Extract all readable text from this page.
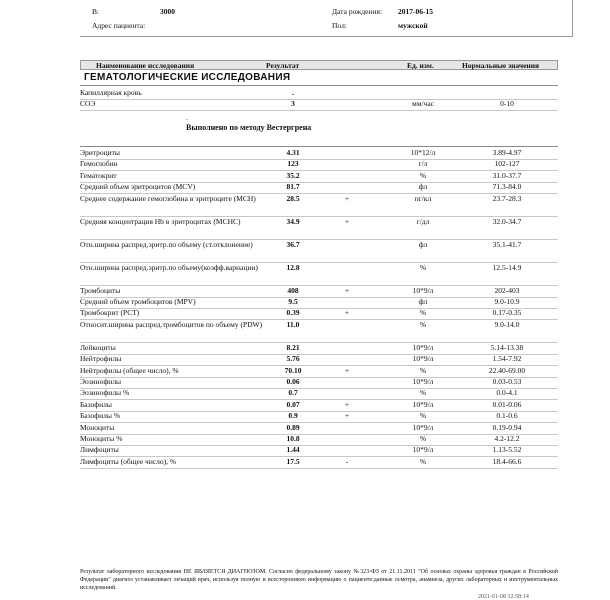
В:	3000	Дата рождения: 2017-06-15
Адрес пациента:	Пол:	мужской
Наименование исследования	Результат	Ед. изм.	Нормальные значения
ГЕМАТОЛОГИЧЕСКИЕ ИССЛЕДОВАНИЯ
Капиллярная кровь	.
СОЭ	3	мм/час	0-10
.
Выполнено по методу Вестергрена
Эритроциты	4.31	10*12/л	3.89-4.97
Гемоглобин	123	г/л	102-127
Гематокрит	35.2	%	31.0-37.7
Средний объем эритроцитов (MCV)	81.7	фл	71.3-84.0
Среднее содержание гемоглобина в эритроците (MCH)	28.5	+	пг/кл	23.7-28.3
Средняя концентрация Hb в эритроцитах (MCHC)	34.9	+	г/дл	32.0-34.7
Отн.ширина распред.эритр.по объему (ст.отклонение)	36.7	фл	35.1-41.7
Отн.ширина распред.эритр.по объему(коэфф.вариации)	12.8	%	12.5-14.9
Тромбоциты	408	+	10*9/л	202-403
Средний объем тромбоцитов (MPV)	9.5	фл	9.0-10.9
Тромбокрит (PCT)	0.39	+	%	0.17-0.35
Относит.ширина распред.тромбоцитов по объему (PDW)	11.0	%	9.0-14.0
Лейкоциты	8.21	10*9/л	5.14-13.38
Нейтрофилы	5.76	10*9/л	1.54-7.92
Нейтрофилы (общее число), %	70.10	+	%	22.40-69.00
Эозинофилы	0.06	10*9/л	0.03-0.53
Эозинофилы %	0.7	%	0.0-4.1
Базофилы	0.07	+	10*9/л	0.01-0.06
Базофилы %	0.9	+	%	0.1-0.6
Моноциты	0.89	10*9/л	0.19-0.94
Моноциты %	10.8	%	4.2-12.2
Лимфоциты	1.44	10*9/л	1.13-5.52
Лимфоциты (общее число), %	17.5	-	%	18.4-66.6
Результат лабораторного исследования НЕ ЯВЛЯЕТСЯ ДИАГНОЗОМ. Согласно федеральному закону №323-ФЗ от 21.11.2011 "Об основах охраны здоровья граждан в Российской Федерации" диагноз устанавливает лечащий врач, используя полную и всестороннюю информацию о пациенте:данные осмотра, анамнеза, других лабораторных и инструментальных исследований.
2021-01-08 12:58:14
